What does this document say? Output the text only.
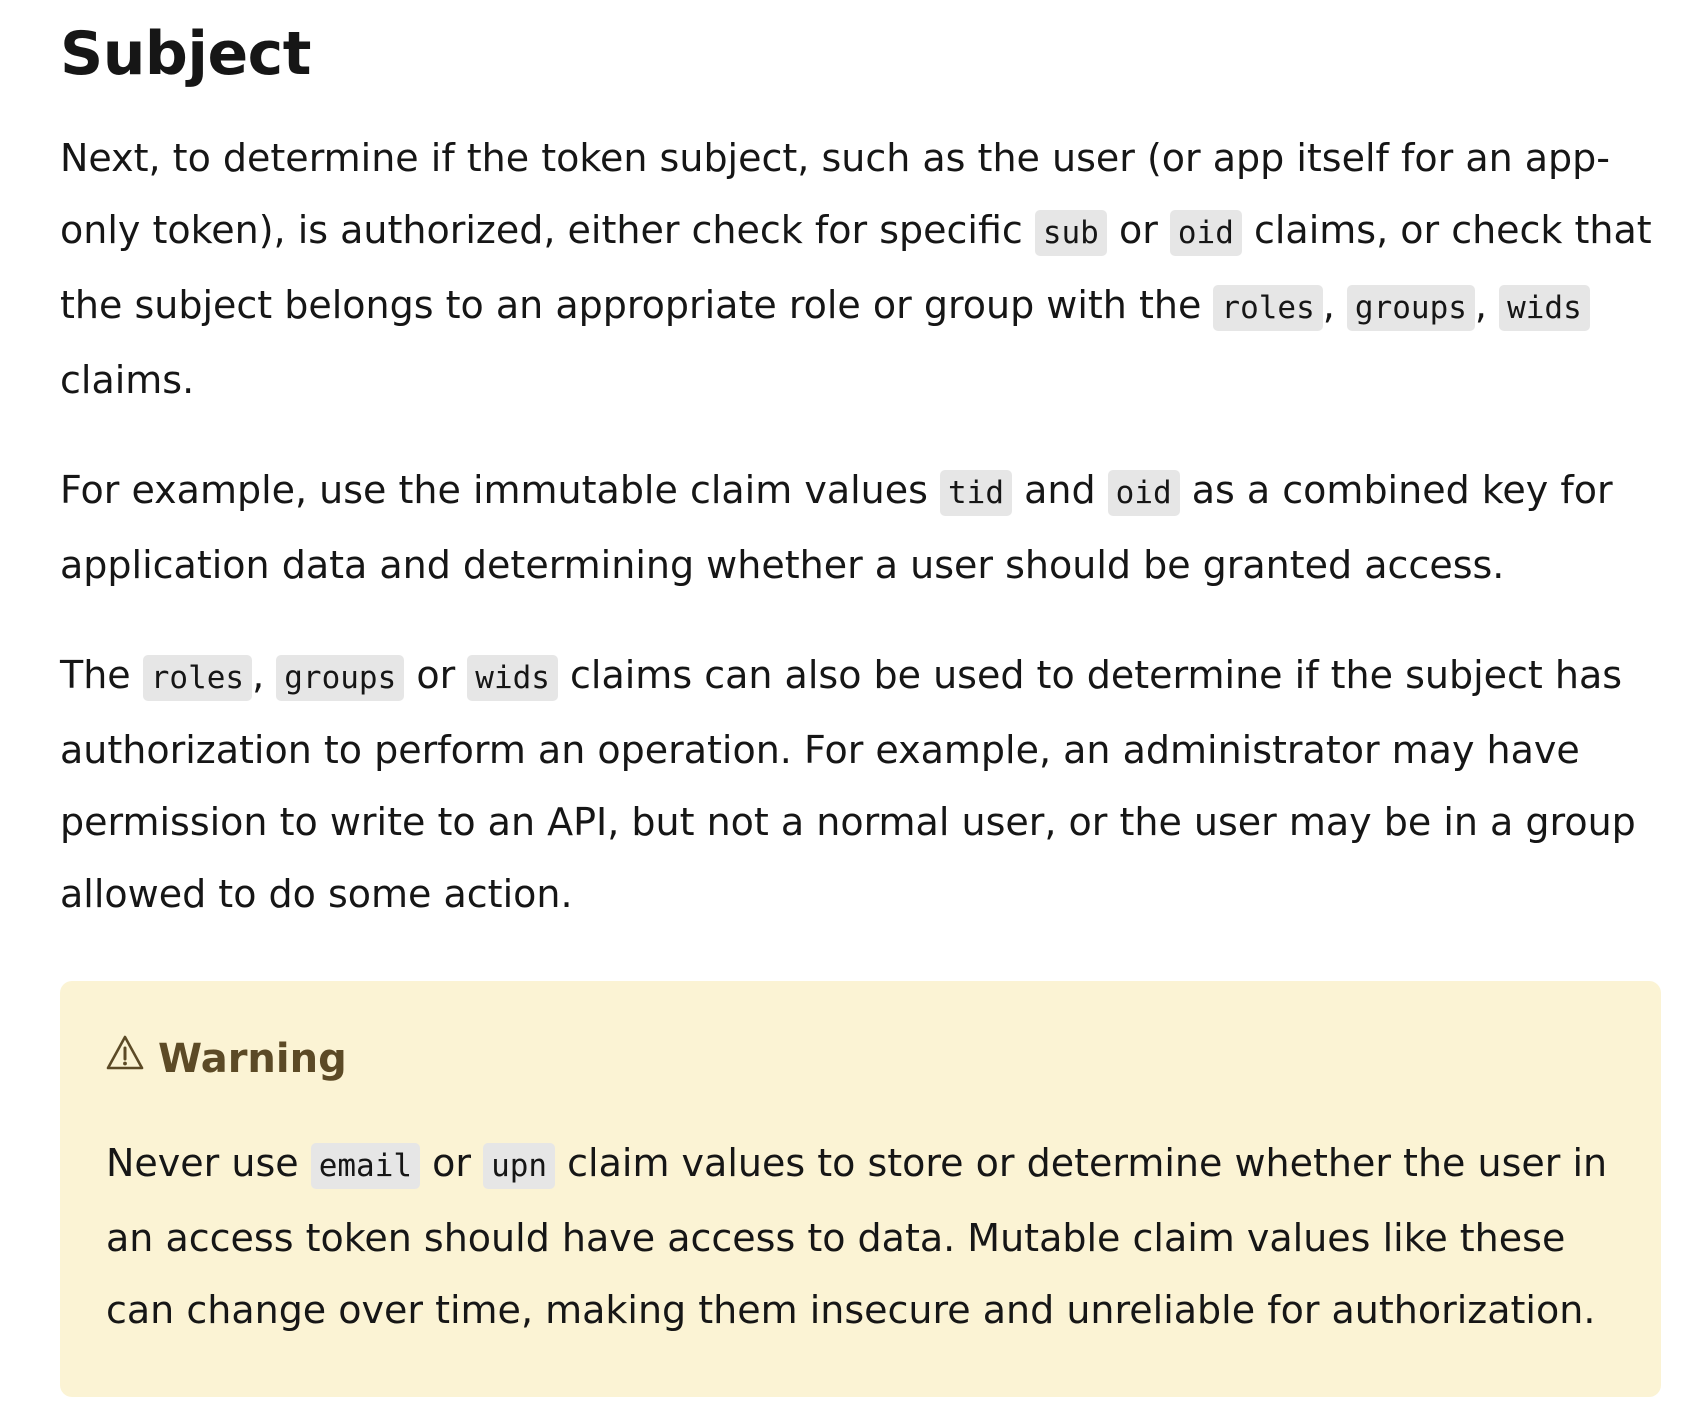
Subject

Next, to determine if the token subject, such as the user (or app itself for an app-only token), is authorized, either check for specific sub or oid claims, or check that the subject belongs to an appropriate role or group with the roles , groups , wids claims.

For example, use the immutable claim values tid and oid as a combined key for application data and determining whether a user should be granted access.

The roles , groups or wids claims can also be used to determine if the subject has authorization to perform an operation. For example, an administrator may have permission to write to an API, but not a normal user, or the user may be in a group allowed to do some action.

Warning

Never use email or upn claim values to store or determine whether the user in an access token should have access to data. Mutable claim values like these can change over time, making them insecure and unreliable for authorization.
